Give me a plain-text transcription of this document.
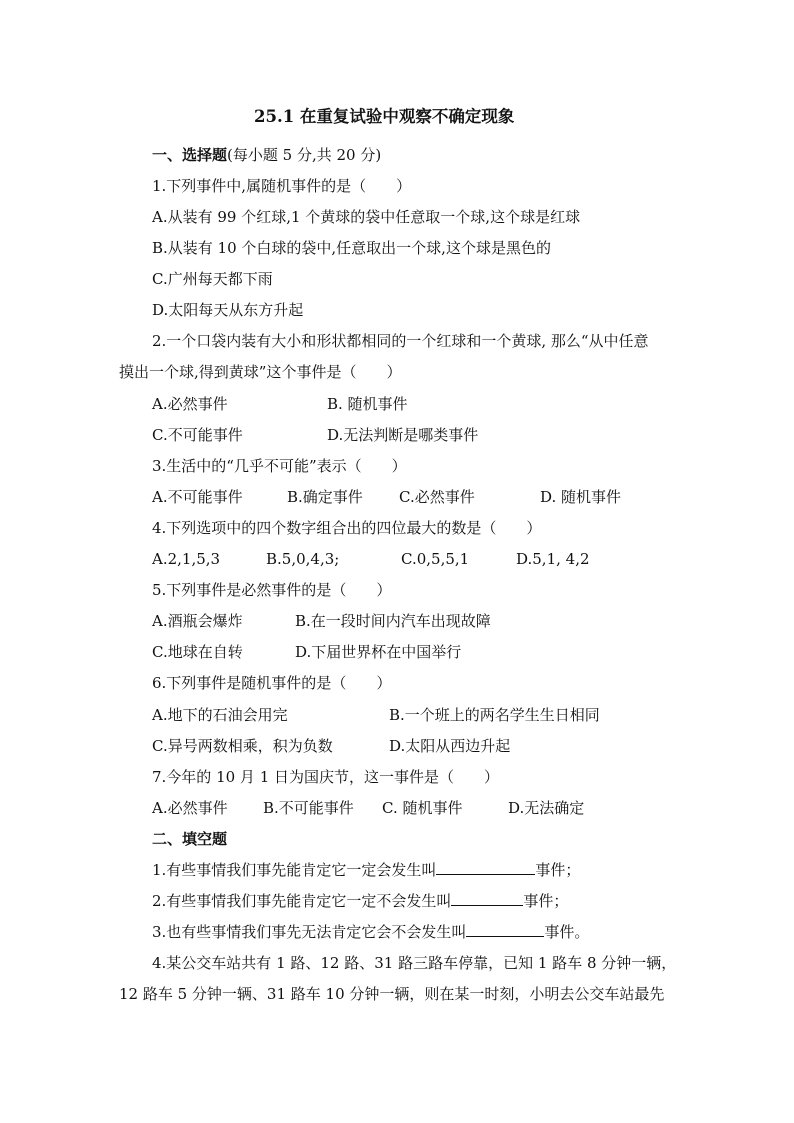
25.1 在重复试验中观察不确定现象
一、选择题(每小题 5 分,共 20 分)
1.下列事件中,属随机事件的是（　　）
A.从装有 99 个红球,1 个黄球的袋中任意取一个球,这个球是红球
B.从装有 10 个白球的袋中,任意取出一个球,这个球是黑色的
C.广州每天都下雨
D.太阳每天从东方升起
2.一个口袋内装有大小和形状都相同的一个红球和一个黄球, 那么“从中任意
摸出一个球,得到黄球”这个事件是（　　）
A.必然事件	B. 随机事件
C.不可能事件	D.无法判断是哪类事件
3.生活中的“几乎不可能”表示（　　）
A.不可能事件	B.确定事件 C.必然事件	D. 随机事件
4.下列选项中的四个数字组合出的四位最大的数是（　　）
A.2,1,5,3	B.5,0,4,3;	C.0,5,5,1	D.5,1, 4,2
5.下列事件是必然事件的是（　　）
A.酒瓶会爆炸	B.在一段时间内汽车出现故障
C.地球在自转	D.下届世界杯在中国举行
6.下列事件是随机事件的是（　　）
A.地下的石油会用完	B.一个班上的两名学生生日相同
C.异号两数相乘，积为负数	D.太阳从西边升起
7.今年的 10 月 1 日为国庆节，这一事件是（　　）
A.必然事件 B.不可能事件 C. 随机事件	D.无法确定
二、填空题
1.有些事情我们事先能肯定它一定会发生叫	事件；
2.有些事情我们事先能肯定它一定不会发生叫	事件；
3.也有些事情我们事先无法肯定它会不会发生叫	事件。
4.某公交车站共有 1 路、12 路、31 路三路车停靠，已知 1 路车 8 分钟一辆，
12 路车 5 分钟一辆、31 路车 10 分钟一辆，则在某一时刻，小明去公交车站最先
